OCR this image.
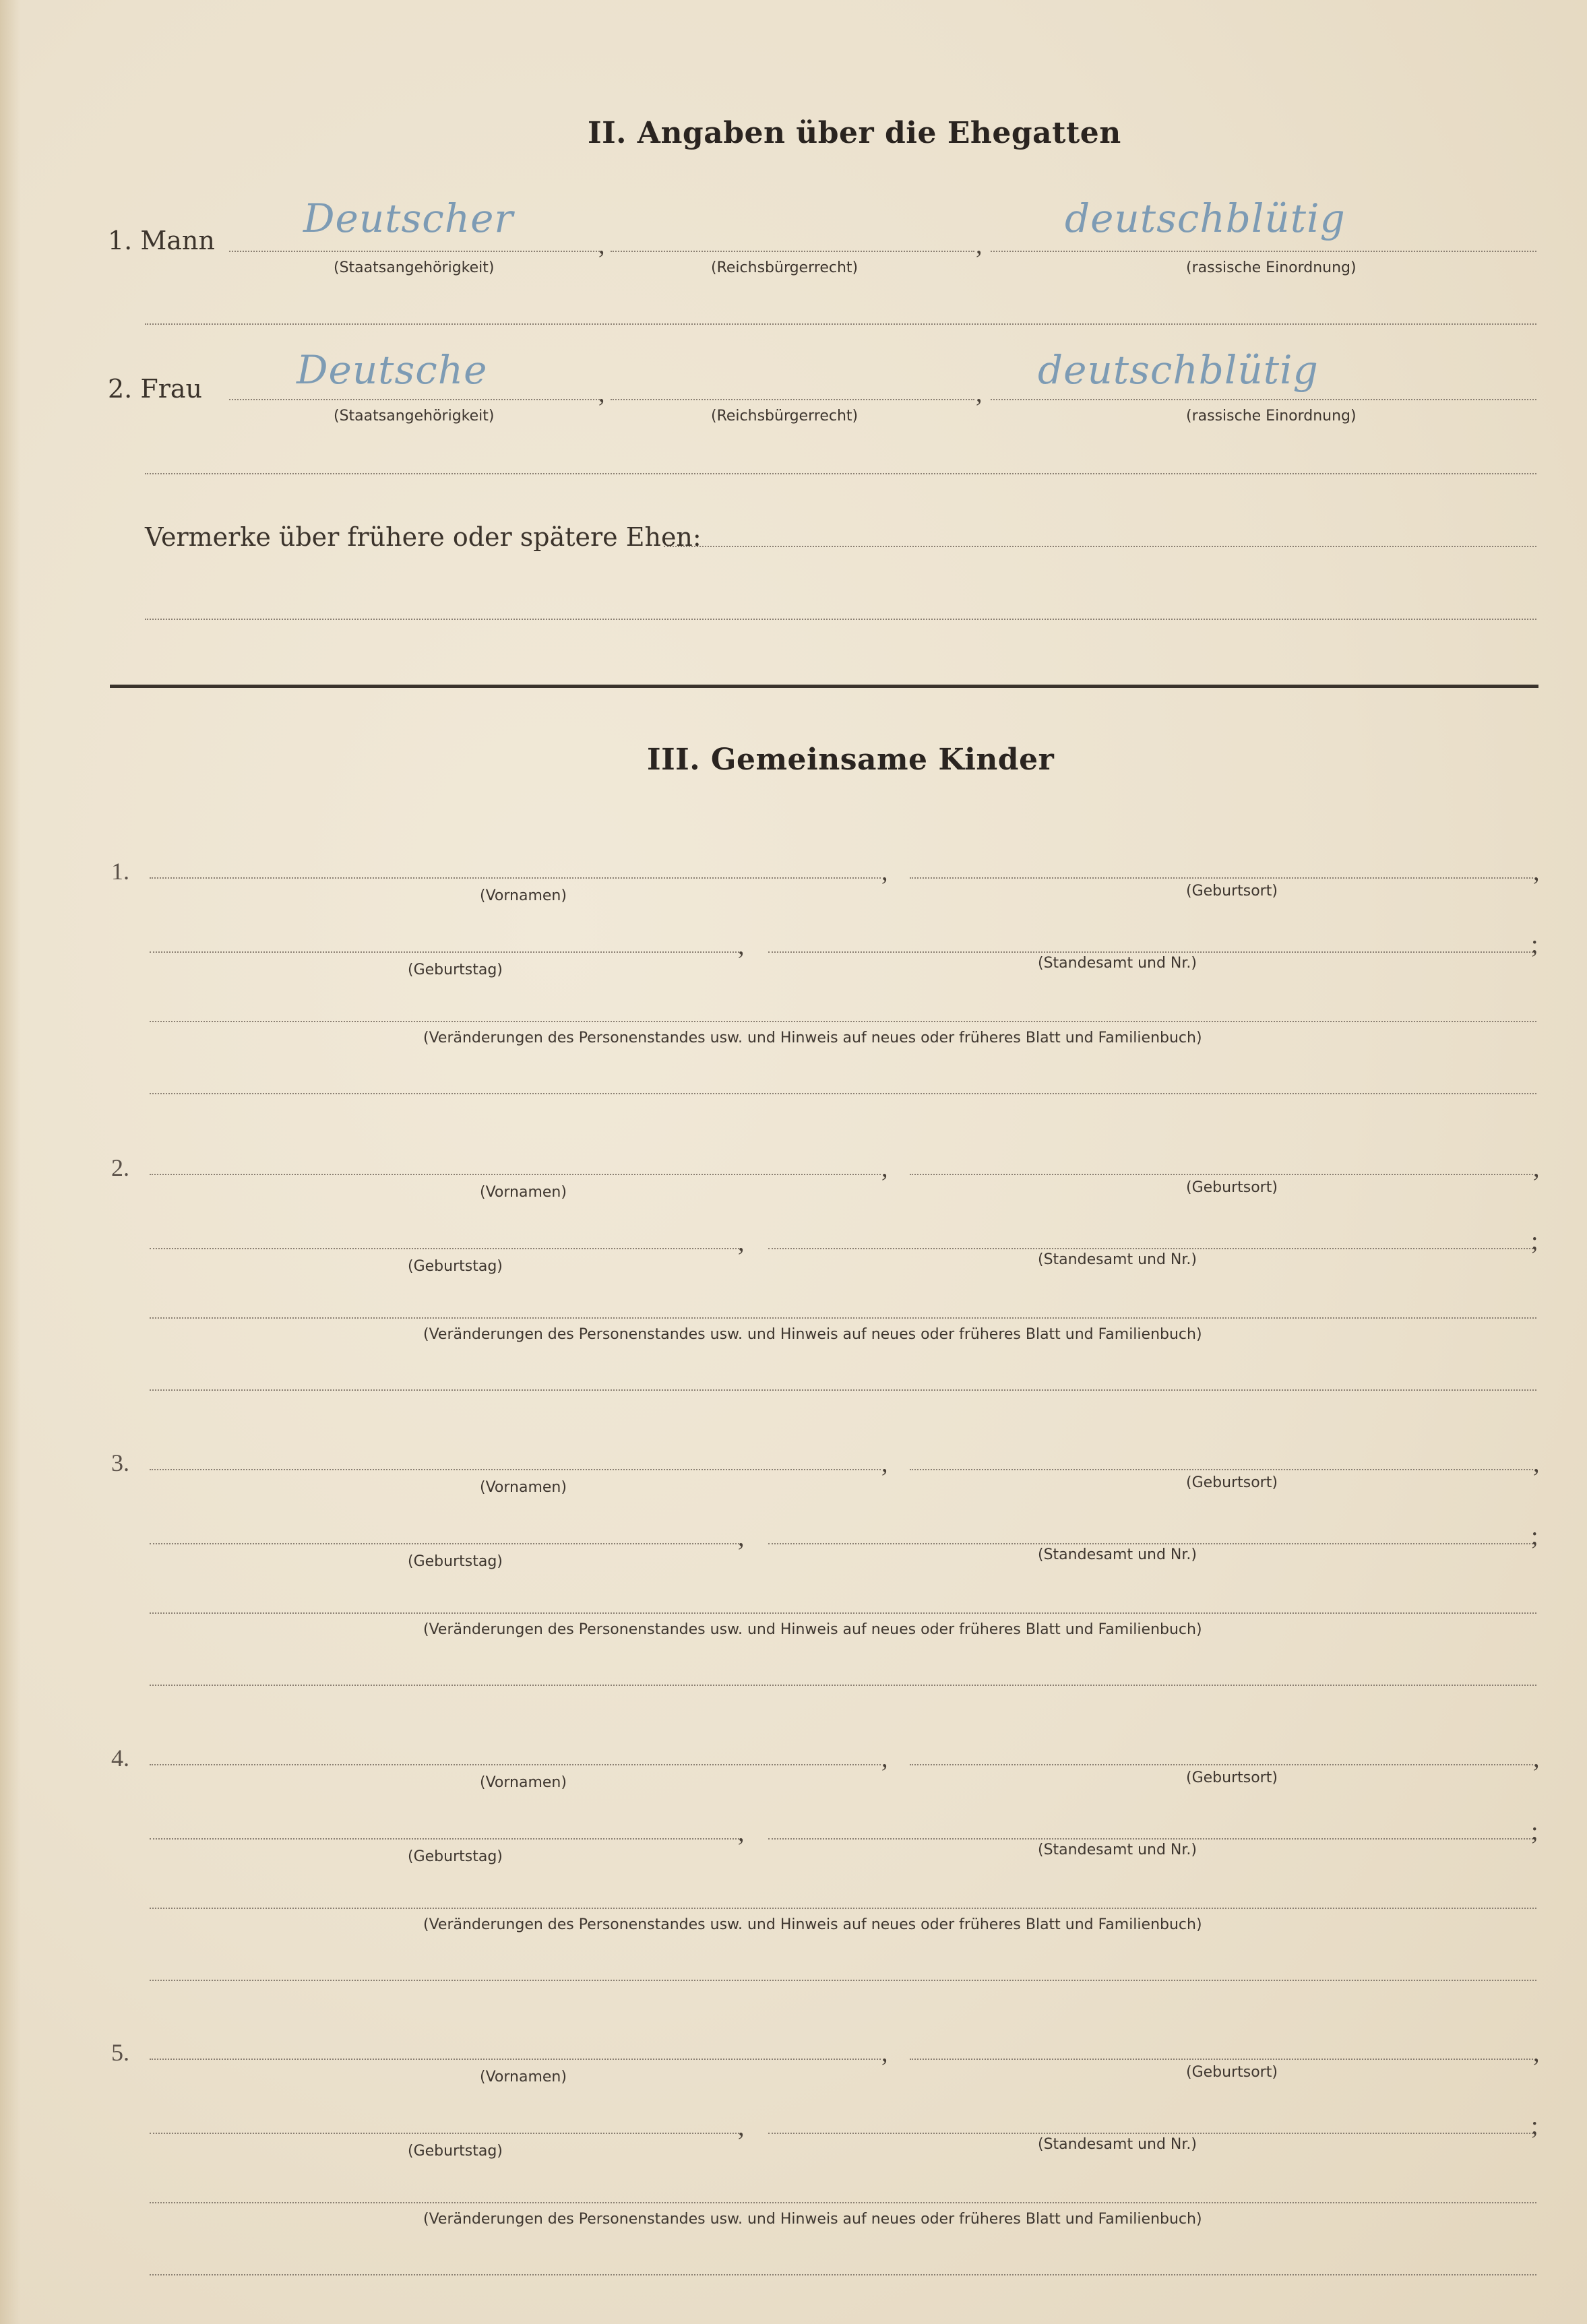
II. Angaben über die Ehegatten
1. Mann Deutscher
,	,
deutschblütig
(Staatsangehörigkeit)	(Reichsbürgerrecht)	(rassische Einordnung)
2. Frau Deutsche
,	,
deutschblütig
(Staatsangehörigkeit)	(Reichsbürgerrecht)	(rassische Einordnung)
Vermerke über frühere oder spätere Ehen:
III. Gemeinsame Kinder
1.	,	,
(Vornamen)	(Geburtsort)
,	;
(Geburtstag)	(Standesamt und Nr.)
(Veränderungen des Personenstandes usw. und Hinweis auf neues oder früheres Blatt und Familienbuch)
2.	,	,
(Vornamen)	(Geburtsort)
,	;
(Geburtstag)	(Standesamt und Nr.)
(Veränderungen des Personenstandes usw. und Hinweis auf neues oder früheres Blatt und Familienbuch)
3.	,	,
(Vornamen)	(Geburtsort)
,	;
(Geburtstag)	(Standesamt und Nr.)
(Veränderungen des Personenstandes usw. und Hinweis auf neues oder früheres Blatt und Familienbuch)
4.	,	,
(Vornamen)	(Geburtsort)
,	;
(Geburtstag)	(Standesamt und Nr.)
(Veränderungen des Personenstandes usw. und Hinweis auf neues oder früheres Blatt und Familienbuch)
5.	,	,
(Vornamen)	(Geburtsort)
,	;
(Geburtstag)	(Standesamt und Nr.)
(Veränderungen des Personenstandes usw. und Hinweis auf neues oder früheres Blatt und Familienbuch)
